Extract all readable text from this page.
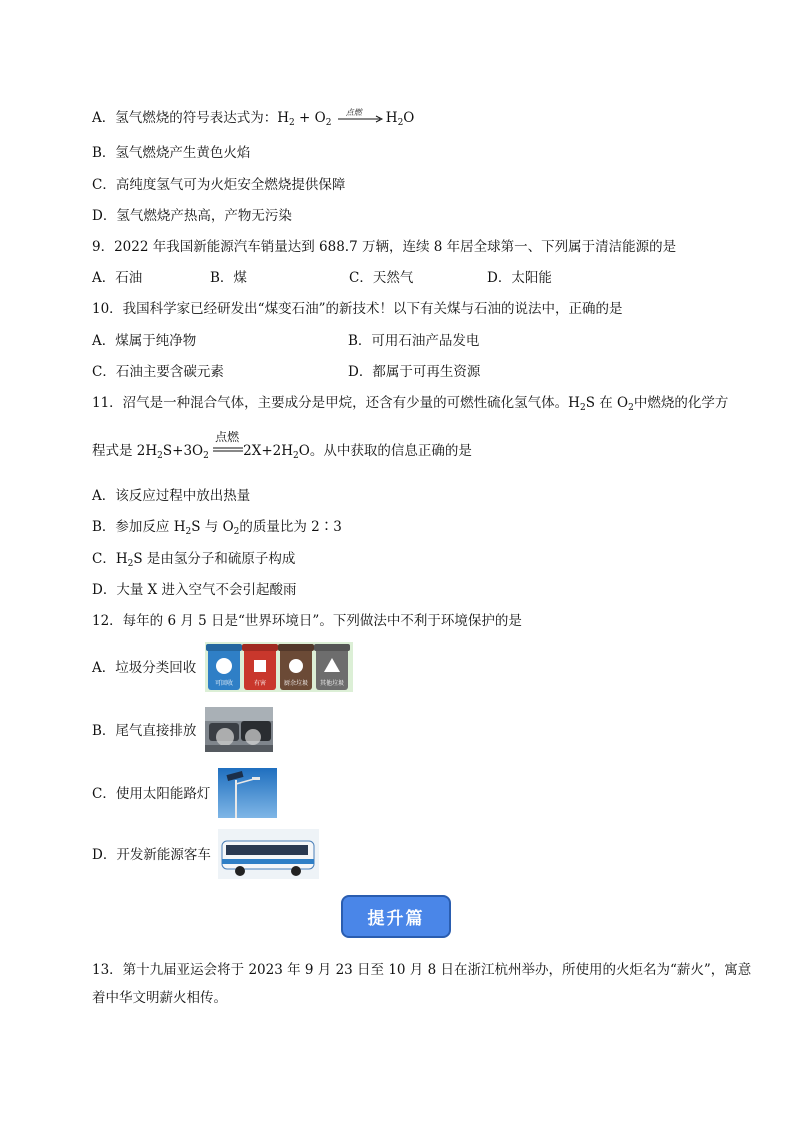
A．氢气燃烧的符号表达式为：$H_2 + O_2$
点燃 $H_2O$
B．氢气燃烧产生黄色火焰
C．高纯度氢气可为火炬安全燃烧提供保障
D．氢气燃烧产热高，产物无污染
9．2022 年我国新能源汽车销量达到 688.7 万辆，连续 8 年居全球第一、下列属于清洁能源的是
A．石油	B．煤	C．天然气	D．太阳能
10．我国科学家已经研发出“煤变石油”的新技术！以下有关煤与石油的说法中，正确的是
A．煤属于纯净物	B．可用石油产品发电
C．石油主要含碳元素	D．都属于可再生资源
11．沼气是一种混合气体，主要成分是甲烷，还含有少量的可燃性硫化氢气体。$H_2S$ 在 $O_2$中燃烧的化学方
程式是 $2H_2S+3O_2$
点燃
$2X+2H_2O$。从中获取的信息正确的是
A．该反应过程中放出热量
B．参加反应 $H_2S$ 与 $O_2$的质量比为 2∶3
C．$H_2S$ 是由氢分子和硫原子构成
D．大量 X 进入空气不会引起酸雨
12．每年的 6 月 5 日是“世界环境日”。下列做法中不利于环境保护的是
A．垃圾分类回收
可回收	有害	厨余垃圾	其他垃圾
B．尾气直接排放
C．使用太阳能路灯
D．开发新能源客车
提升篇
13．第十九届亚运会将于 2023 年 9 月 23 日至 10 月 8 日在浙江杭州举办，所使用的火炬名为“薪火”，寓意
着中华文明薪火相传。
